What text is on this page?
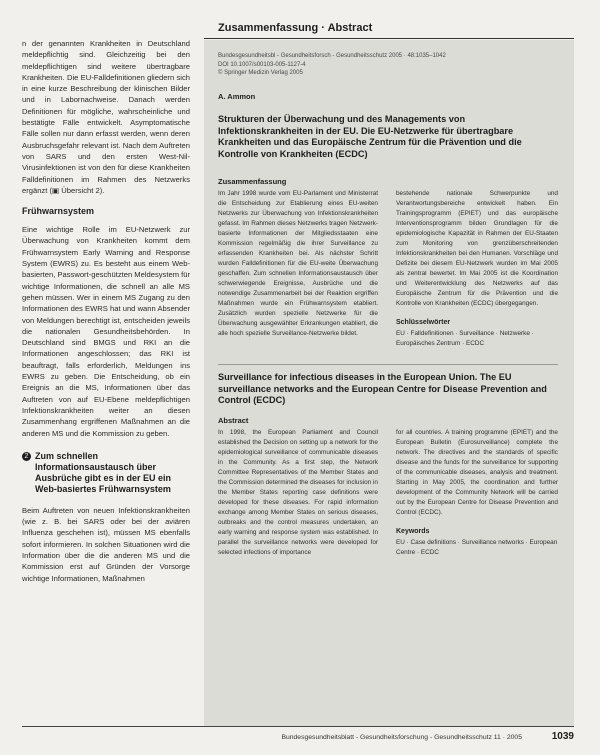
n der genannten Krankheiten in Deutschland meldepflichtig sind. Gleichzeitig bei den meldepflichtigen sind weitere übertragbare Krankheiten. Die EU-Falldefinitionen gliedern sich in eine kurze Beschreibung der klinischen Bilder und in Labornachweise. Danach werden Definitionen für mögliche, wahrscheinliche und bestätigte Fälle entwickelt. Asymptomatische Fälle sollen nur dann erfasst werden, wenn deren Ausbruchsgefahr relevant ist. Nach dem Auftreten von SARS und den ersten West-Nil-Virusinfektionen ist von den für diese Krankheiten Falldefinitionen im Rahmen des Netzwerks ergänzt (▣ Übersicht 2).

Frühwarnsystem

Eine wichtige Rolle im EU-Netzwerk zur Überwachung von Krankheiten kommt dem Frühwarnsystem Early Warning and Response System (EWRS) zu. Es besteht aus einem Web-basierten, Passwort-geschützten Meldesystem für wichtige Informationen, die schnell an alle MS gehen müssen. Wer in einem MS Zugang zu den Informationen des EWRS hat und wann Absender von Meldungen berechtigt ist, entscheiden jeweils die nationalen Gesundheitsbehörden. In Deutschland sind BMGS und RKI an die Informationen angeschlossen; das RKI ist beauftragt, falls erforderlich, Meldungen ins EWRS zu geben. Die Entscheidung, ob ein Ereignis an die MS, Informationen über das Auftreten von auf EU-Ebene meldepflichtigen Infektionskrankheiten weiter an diesen Zusammenhang ergriffenen Maßnahmen an die anderen MS und die Kommission zu geben.

2 Zum schnellen Informationsaustausch über Ausbrüche gibt es in der EU ein Web-basiertes Frühwarnsystem

Beim Auftreten von neuen Infektionskrankheiten (wie z. B. bei SARS oder bei der aviären Influenza geschehen ist), müssen MS ebenfalls sofort informieren. In solchen Situationen wird die Information über die die anderen MS und die Kommission erst auf Gründen der Vorsorge wichtige Informationen, Maßnahmen

Zusammenfassung · Abstract
Bundesgesundheitsbl - Gesundheitsforsch - Gesundheitsschutz 2005 · 48:1035–1042
DOI 10.1007/s00103-005-1127-4
© Springer Medizin Verlag 2005
A. Ammon
Strukturen der Überwachung und des Managements von Infektionskrankheiten in der EU. Die EU-Netzwerke für übertragbare Krankheiten und das Europäische Zentrum für die Prävention und die Kontrolle von Krankheiten (ECDC)
Zusammenfassung

Im Jahr 1998 wurde vom EU-Parlament und Ministerrat die Entscheidung zur Etablierung eines EU-weiten Netzwerks zur Überwachung von Infektionskrankheiten gefasst. Im Rahmen dieses Netzwerks tragen Netzwerk-basierte Informationen der Mitgliedsstaaten eine Kommission regelmäßig die ihrer Surveillance zu erfassenden Krankheiten bei. Als nächster Schritt wurden Falldefinitionen für die EU-weite Überwachung geschaffen. Zum schnellen Informationsaustausch über schwerwiegende Ereignisse, Ausbrüche und die notwendige Zusammenarbeit bei der Reaktion ergriffen Maßnahmen wurde ein Frühwarnsystem etabliert. Zusätzlich wurden spezielle Netzwerke für die Überwachung ausgewählter Erkrankungen etabliert, die alle hoch spezielle Surveillance-Netzwerke bildet.

bestehende nationale Schwerpunkte und Verantwortungsbereiche entwickelt haben. Ein Trainingsprogramm (EPIET) und das europäische Interventionsprogramm bilden Grundlagen für die epidemiologische Kapazität in Rahmen der EU-Staaten zum Monitoring von grenzüberschreitenden Infektionskrankheiten bei den Humanen. Vorschläge und Defizite bei diesem EU-Netzwerk wurden im Mai 2005 als zentral bewertet. Im Mai 2005 ist die Koordination und Weiterentwicklung des Netzwerks auf das Europäische Zentrum für die Prävention und die Kontrolle von Krankheiten (ECDC) übergegangen.

Schlüsselwörter

EU · Falldefinitionen · Surveillance · Netzwerke · Europäisches Zentrum · ECDC

Surveillance for infectious diseases in the European Union. The EU surveillance networks and the European Centre for Disease Prevention and Control (ECDC)
Abstract

In 1998, the European Parliament and Council established the Decision on setting up a network for the epidemiological surveillance of communicable diseases in the Community. As a first step, the Network Committee Representatives of the Member States and the Commission determined the diseases for inclusion in the Member States reporting case definitions were developed for these diseases. For rapid information exchange among Member States on serious diseases, outbreaks and the control measures undertaken, an early warning and response system was established. In parallel the surveillance networks were developed for selected infections of importance

for all countries. A training programme (EPIET) and the European Bulletin (Eurosurveillance) complete the network. The directives and the standards of specific disease and the funds for the surveillance for supporting of the communicable diseases, analysis and treatment. Starting in May 2005, the coordination and further development of the Community Network will be carried out by the European Centre for Disease Prevention and Control (ECDC).

Keywords

EU · Case definitions · Surveillance networks · European Centre · ECDC

Bundesgesundheitsblatt - Gesundheitsforschung - Gesundheitsschutz 11 · 2005	1039
